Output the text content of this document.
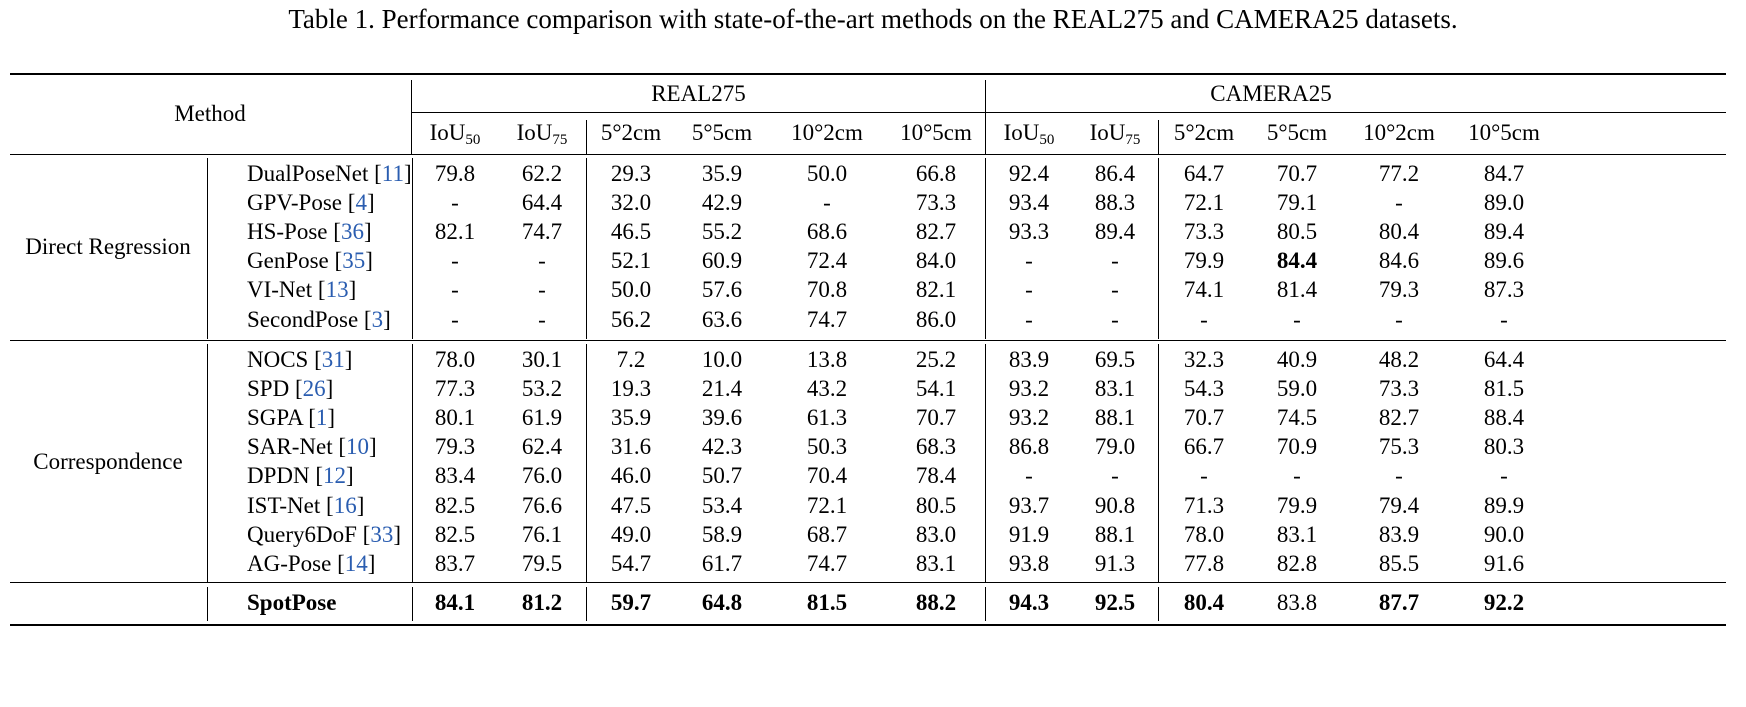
Table 1. Performance comparison with state-of-the-art methods on the REAL275 and CAMERA25 datasets.
Method
REAL275	CAMERA25
IoU$_{50}$	IoU$_{75}$	5°2cm	5°5cm	10°2cm	10°5cm	IoU$_{50}$	IoU$_{75}$	5°2cm	5°5cm	10°2cm	10°5cm
Direct Regression
DualPoseNet [11]	79.8	62.2	29.3	35.9	50.0	66.8	92.4	86.4	64.7	70.7	77.2	84.7
GPV-Pose [4]	-	64.4	32.0	42.9	-	73.3	93.4	88.3	72.1	79.1	-	89.0
HS-Pose [36]	82.1	74.7	46.5	55.2	68.6	82.7	93.3	89.4	73.3	80.5	80.4	89.4
GenPose [35]	-	-	52.1	60.9	72.4	84.0	-	-	79.9	84.4	84.6	89.6
VI-Net [13]	-	-	50.0	57.6	70.8	82.1	-	-	74.1	81.4	79.3	87.3
SecondPose [3]	-	-	56.2	63.6	74.7	86.0	-	-	-	-	-	-
Correspondence
NOCS [31]	78.0	30.1	7.2	10.0	13.8	25.2	83.9	69.5	32.3	40.9	48.2	64.4
SPD [26]	77.3	53.2	19.3	21.4	43.2	54.1	93.2	83.1	54.3	59.0	73.3	81.5
SGPA [1]	80.1	61.9	35.9	39.6	61.3	70.7	93.2	88.1	70.7	74.5	82.7	88.4
SAR-Net [10]	79.3	62.4	31.6	42.3	50.3	68.3	86.8	79.0	66.7	70.9	75.3	80.3
DPDN [12]	83.4	76.0	46.0	50.7	70.4	78.4	-	-	-	-	-	-
IST-Net [16]	82.5	76.6	47.5	53.4	72.1	80.5	93.7	90.8	71.3	79.9	79.4	89.9
Query6DoF [33]	82.5	76.1	49.0	58.9	68.7	83.0	91.9	88.1	78.0	83.1	83.9	90.0
AG-Pose [14]	83.7	79.5	54.7	61.7	74.7	83.1	93.8	91.3	77.8	82.8	85.5	91.6
SpotPose	84.1	81.2	59.7	64.8	81.5	88.2	94.3	92.5	80.4	83.8	87.7	92.2
